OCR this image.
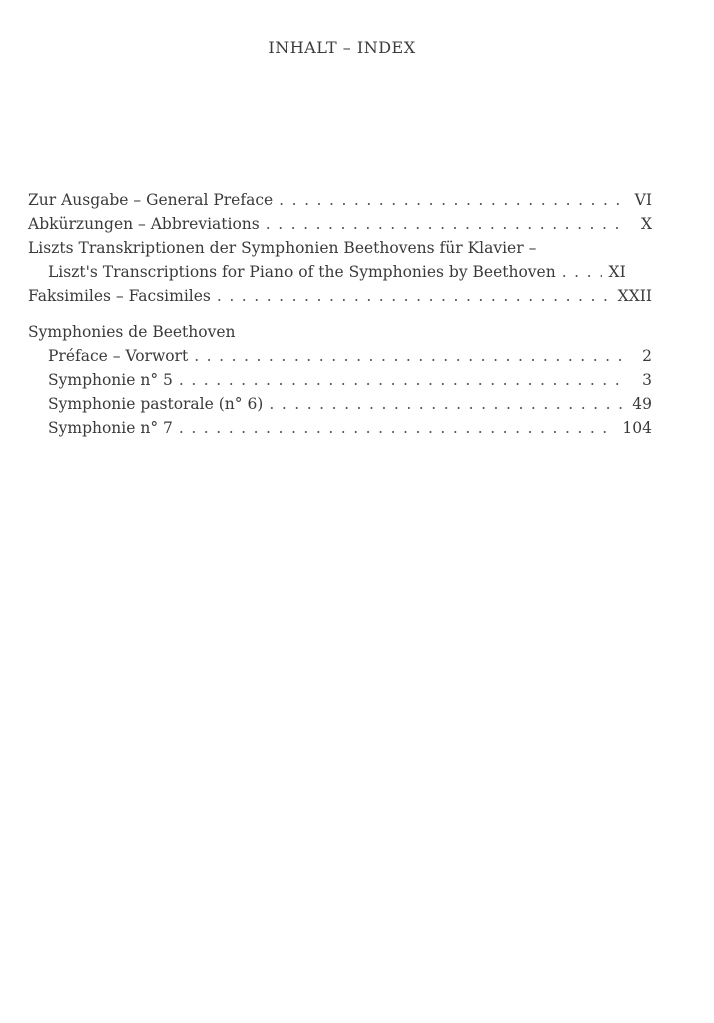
INHALT – INDEX
Zur Ausgabe – General Preface . . .	VI
Abkürzungen – Abbreviations . . .	X
Liszts Transkriptionen der Symphonien Beethovens für Klavier –
Liszt's Transcriptions for Piano of the Symphonies by Beethoven . . .	XI
Faksimiles – Facsimiles . . .	XXII
Symphonies de Beethoven
Préface – Vorwort . . .	2
Symphonie n° 5 . . .	3
Symphonie pastorale (n° 6) . . .	49
Symphonie n° 7 . . .	104
